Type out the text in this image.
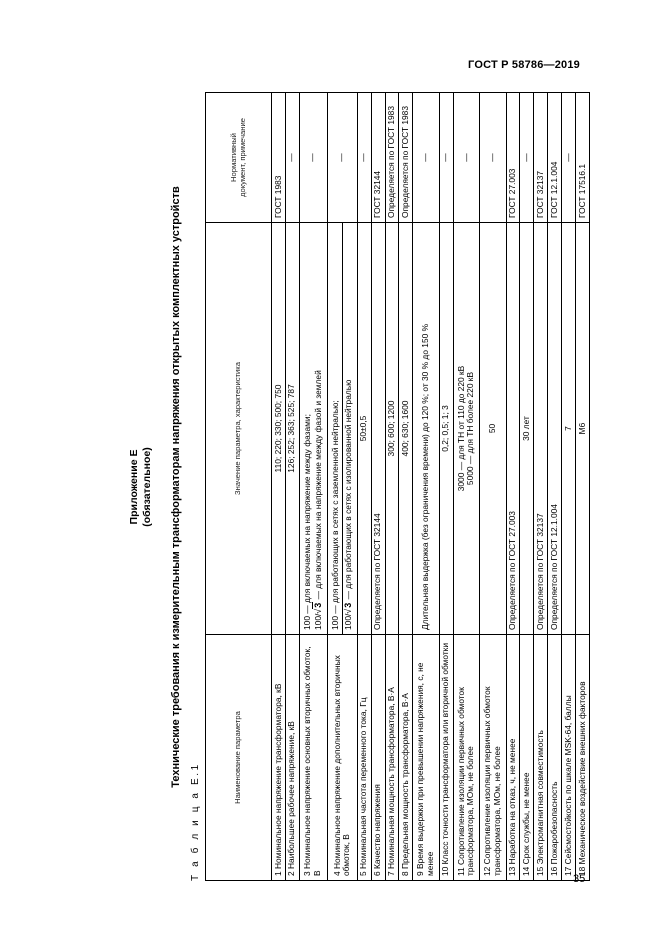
ГОСТ Р 58786—2019
Приложение Е (обязательное) Технические требования к измерительным трансформаторам напряжения открытых комплектных устройств
Т а б л и ц а Е.1
Наименование параметра	Значение параметра, характеристика	Нормативный документ, примечание

1 Номинальное напряжение трансформатора, кВ	110; 220; 330; 500; 750	ГОСТ 1983
2 Наибольшее рабочее напряжение, кВ	126; 252; 363; 525; 787	—
3 Номинальное напряжение основных вторичных обмоток, В	100 — для включаемых на напряжение между фазами; 100/√3 — для включаемых на напряжение между фазой и землей	—
4 Номинальное напряжение дополнительных вторичных обмоток, В	100 — для работающих в сетях с заземленной нейтралью; 100/√3 — для работающих в сетях с изолированной нейтралью	—
5 Номинальная частота переменного тока, Гц	50±0,5	—
6 Качество напряжения	Определяется по ГОСТ 32144	ГОСТ 32144
7 Номинальная мощность трансформатора, В·А	300; 600; 1200	Определяется по ГОСТ 1983
8 Предельная мощность трансформатора, В·А	400; 630; 1600	Определяется по ГОСТ 1983
9 Время выдержки при превышении напряжения, с, не менее	Длительная выдержка (без ограничения времени) до 120 %; от 30 % до 150 %	—
10 Класс точности трансформатора или вторичной обмотки	0,2; 0,5; 1; 3	—
11 Сопротивление изоляции первичных обмоток трансформатора, МОм, не более	3000 — для ТН от 110 до 220 кВ 5000 — для ТН более 220 кВ	—
12 Сопротивление изоляции первичных обмоток трансформатора, МОм, не более	50	—
13 Наработка на отказ, ч, не менее	Определяется по ГОСТ 27.003	ГОСТ 27.003
14 Срок службы, не менее	30 лет	—
15 Электромагнитная совместимость	Определяется по ГОСТ 32137	ГОСТ 32137
16 Пожаробезопасность	Определяется по ГОСТ 12.1.004	ГОСТ 12.1.004
17 Сейсмостойкость по шкале MSK-64, баллы	7	—
18 Механическое воздействие внешних факторов	М6	ГОСТ 17516.1
35
